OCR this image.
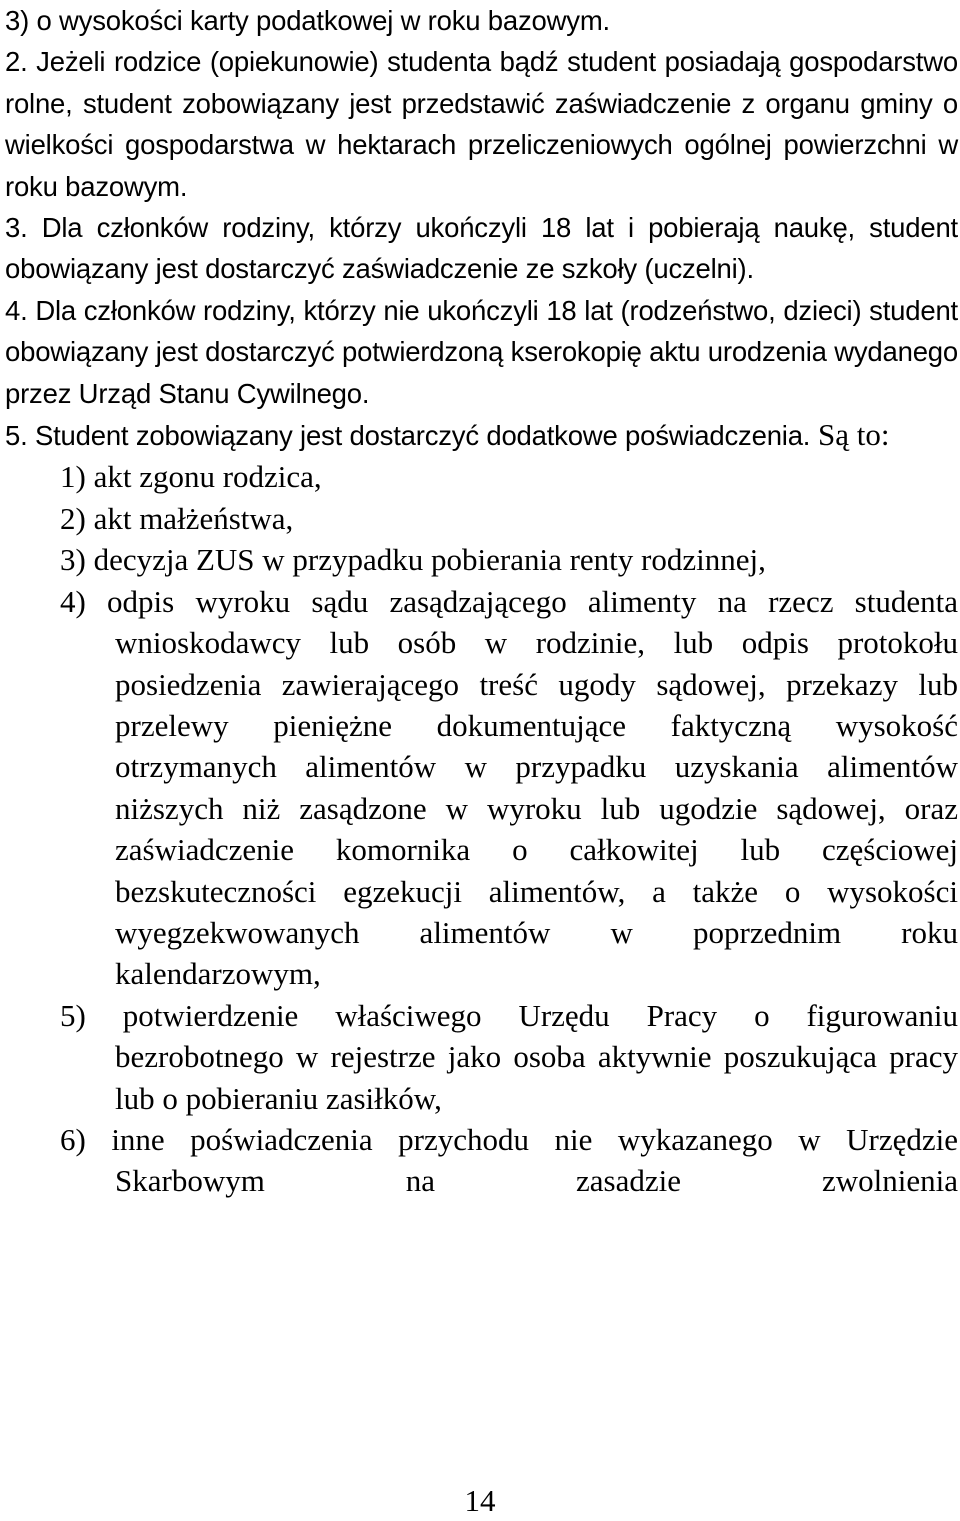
3) o wysokości karty podatkowej w roku bazowym.

2. Jeżeli rodzice (opiekunowie) studenta bądź student posiadają gospodarstwo rolne, student zobowiązany jest przedstawić zaświadczenie z organu gminy o wielkości gospodarstwa w hektarach przeliczeniowych ogólnej powierzchni w roku bazowym.

3. Dla członków rodziny, którzy ukończyli 18 lat i pobierają naukę, student obowiązany jest dostarczyć zaświadczenie ze szkoły (uczelni).

4. Dla członków rodziny, którzy nie ukończyli 18 lat (rodzeństwo, dzieci) student obowiązany jest dostarczyć potwierdzoną kserokopię aktu urodzenia wydanego przez Urząd Stanu Cywilnego.

5. Student zobowiązany jest dostarczyć dodatkowe poświadczenia. Są to:

1) akt zgonu rodzica,

2) akt małżeństwa,

3) decyzja ZUS w przypadku pobierania renty rodzinnej,

4) odpis wyroku sądu zasądzającego alimenty na rzecz studenta wnioskodawcy lub osób w rodzinie, lub odpis protokołu posiedzenia zawierającego treść ugody sądowej, przekazy lub przelewy pieniężne dokumentujące faktyczną wysokość otrzymanych alimentów w przypadku uzyskania alimentów niższych niż zasądzone w wyroku lub ugodzie sądowej, oraz zaświadczenie komornika o całkowitej lub częściowej bezskuteczności egzekucji alimentów, a także o wysokości wyegzekwowanych alimentów w poprzednim roku kalendarzowym,

5) potwierdzenie właściwego Urzędu Pracy o figurowaniu bezrobotnego w rejestrze jako osoba aktywnie poszukująca pracy lub o pobieraniu zasiłków,

6) inne poświadczenia przychodu nie wykazanego w Urzędzie Skarbowym na zasadzie zwolnienia

14
